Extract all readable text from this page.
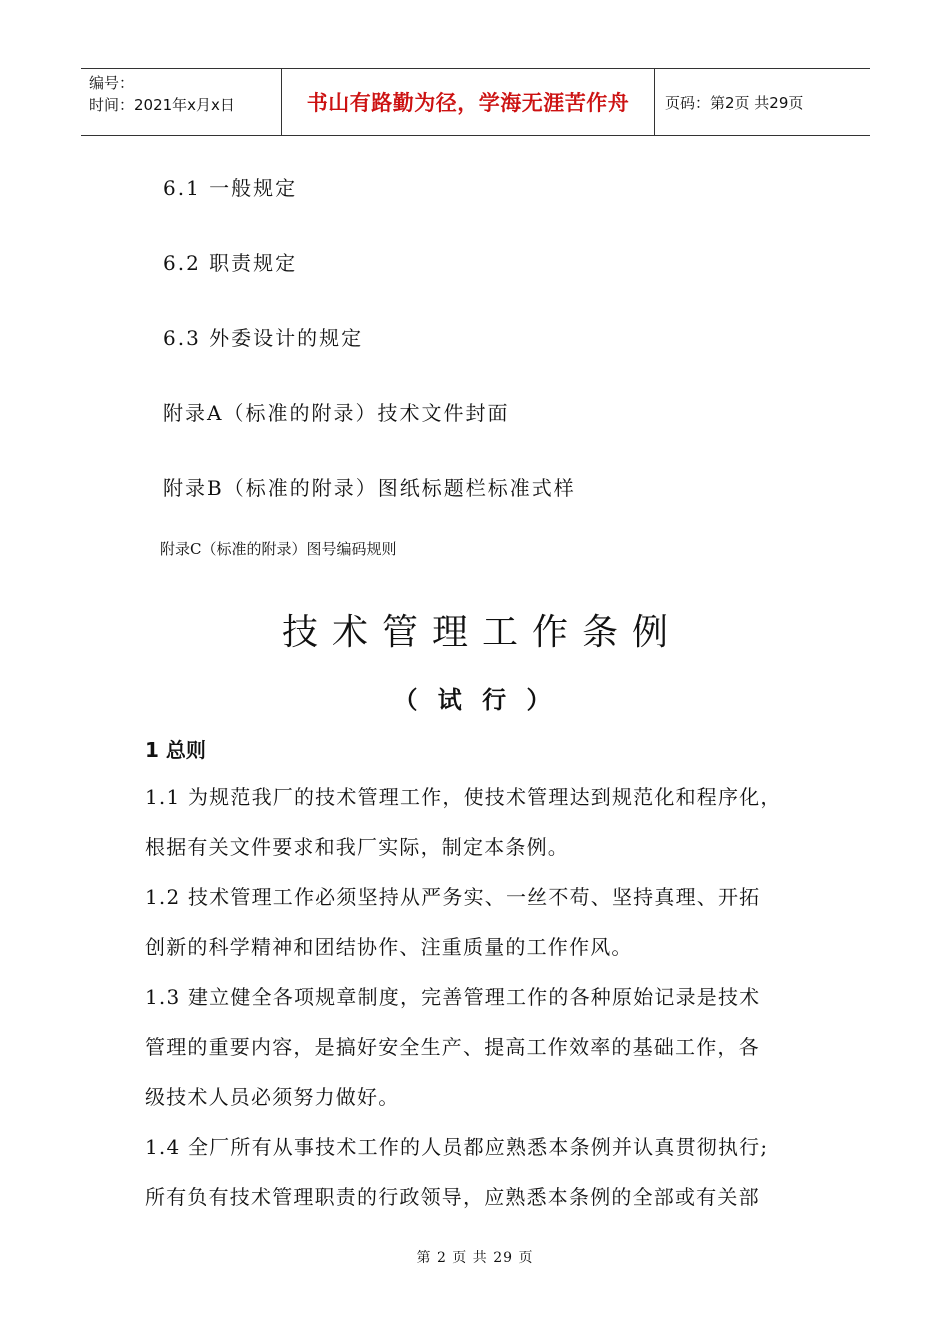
编号：
时间：2021年x月x日	书山有路勤为径，学海无涯苦作舟	页码：第2页 共29页
6.1 一般规定
6.2 职责规定
6.3 外委设计的规定
附录A（标准的附录）技术文件封面
附录B（标准的附录）图纸标题栏标准式样
附录C（标准的附录）图号编码规则
技术管理工作条例
（ 试 行 ）
1 总则
1.1 为规范我厂的技术管理工作，使技术管理达到规范化和程序化，
根据有关文件要求和我厂实际，制定本条例。
1.2 技术管理工作必须坚持从严务实、一丝不苟、坚持真理、开拓
创新的科学精神和团结协作、注重质量的工作作风。
1.3 建立健全各项规章制度，完善管理工作的各种原始记录是技术
管理的重要内容，是搞好安全生产、提高工作效率的基础工作，各
级技术人员必须努力做好。
1.4 全厂所有从事技术工作的人员都应熟悉本条例并认真贯彻执行;
所有负有技术管理职责的行政领导，应熟悉本条例的全部或有关部
第 2 页 共 29 页
